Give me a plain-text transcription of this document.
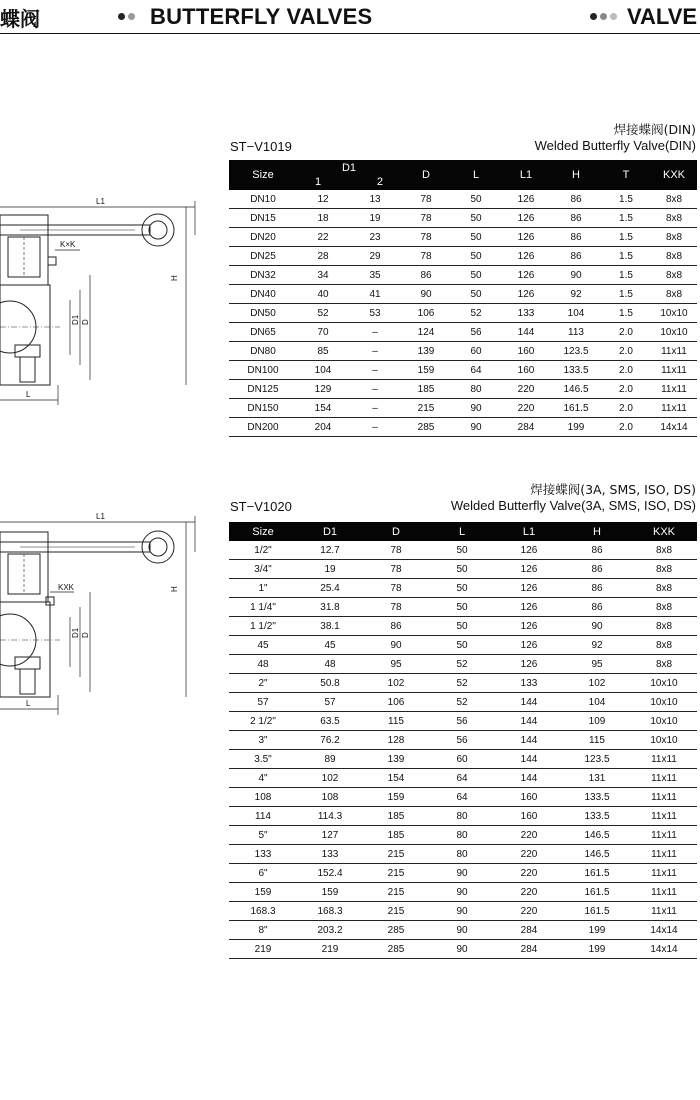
蝶阀	BUTTERFLY VALVES	VALVE
ST−V1019
焊接蝶阀(DIN)
Welded Butterfly Valve(DIN)
L1
H
K×K
D1 D
L
Size	D1
1 2		D	L	L1	H	T	KXK
DN10	12	13	78	50	126	86	1.5	8x8
DN15	18	19	78	50	126	86	1.5	8x8
DN20	22	23	78	50	126	86	1.5	8x8
DN25	28	29	78	50	126	86	1.5	8x8
DN32	34	35	86	50	126	90	1.5	8x8
DN40	40	41	90	50	126	92	1.5	8x8
DN50	52	53	106	52	133	104	1.5	10x10
DN65	70	–	124	56	144	113	2.0	10x10
DN80	85	–	139	60	160	123.5	2.0	11x11
DN100	104	–	159	64	160	133.5	2.0	11x11
DN125	129	–	185	80	220	146.5	2.0	11x11
DN150	154	–	215	90	220	161.5	2.0	11x11
DN200	204	–	285	90	284	199	2.0	14x14
ST−V1020
焊接蝶阀(3A, SMS, ISO, DS)
Welded Butterfly Valve(3A, SMS, ISO, DS)
L1
H
KXK
D1 D
L
Size	D1	D	L	L1	H	KXK
1/2"	12.7	78	50	126	86	8x8
3/4"	19	78	50	126	86	8x8
1"	25.4	78	50	126	86	8x8
1 1/4"	31.8	78	50	126	86	8x8
1 1/2"	38.1	86	50	126	90	8x8
45	45	90	50	126	92	8x8
48	48	95	52	126	95	8x8
2"	50.8	102	52	133	102	10x10
57	57	106	52	144	104	10x10
2 1/2"	63.5	115	56	144	109	10x10
3"	76.2	128	56	144	115	10x10
3.5"	89	139	60	144	123.5	11x11
4"	102	154	64	144	131	11x11
108	108	159	64	160	133.5	11x11
114	114.3	185	80	160	133.5	11x11
5"	127	185	80	220	146.5	11x11
133	133	215	80	220	146.5	11x11
6"	152.4	215	90	220	161.5	11x11
159	159	215	90	220	161.5	11x11
168.3	168.3	215	90	220	161.5	11x11
8"	203.2	285	90	284	199	14x14
219	219	285	90	284	199	14x14
